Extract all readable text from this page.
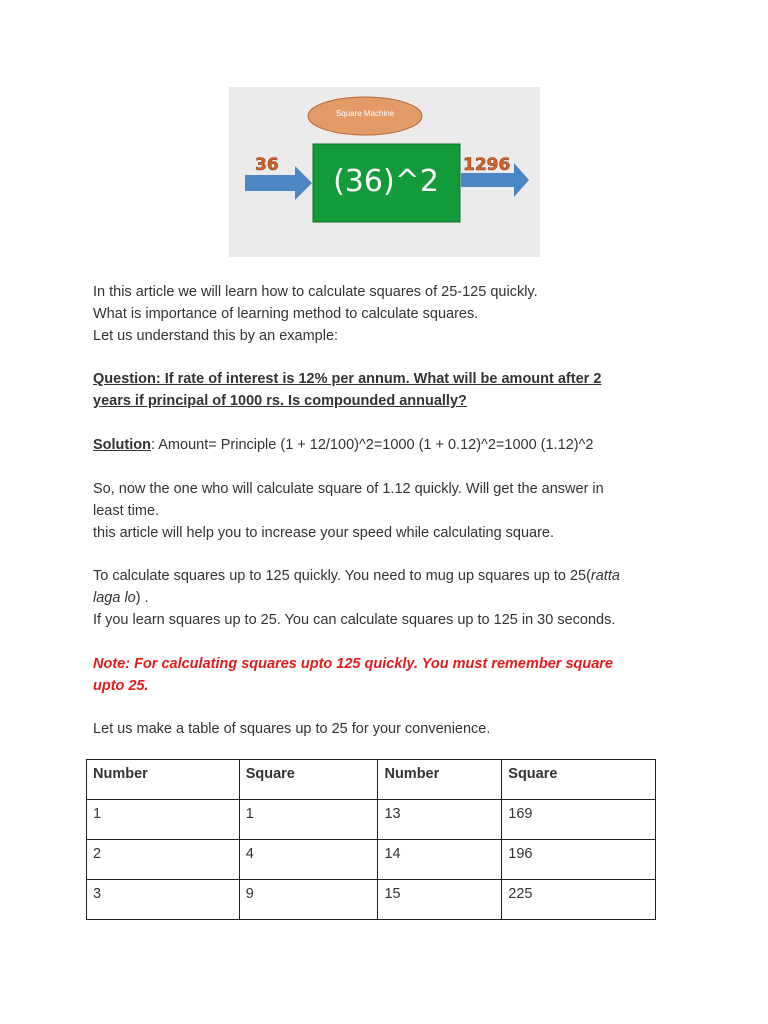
Square Machine
(36)^2
36	1296

In this article we will learn how to calculate squares of 25-125 quickly.

What is importance of learning method to calculate squares.

Let us understand this by an example:

Question: If rate of interest is 12% per annum. What will be amount after 2

years if principal of 1000 rs. Is compounded annually?

Solution: Amount= Principle (1 + 12/100)^2=1000 (1 + 0.12)^2=1000 (1.12)^2

So, now the one who will calculate square of 1.12 quickly. Will get the answer in

least time.

this article will help you to increase your speed while calculating square.

To calculate squares up to 125 quickly. You need to mug up squares up to 25(ratta

laga lo) .

If you learn squares up to 25. You can calculate squares up to 125 in 30 seconds.

Note: For calculating squares upto 125 quickly. You must remember square

upto 25.

Let us make a table of squares up to 25 for your convenience.

Number	Square	Number	Square
1	1	13	169
2	4	14	196
3	9	15	225
